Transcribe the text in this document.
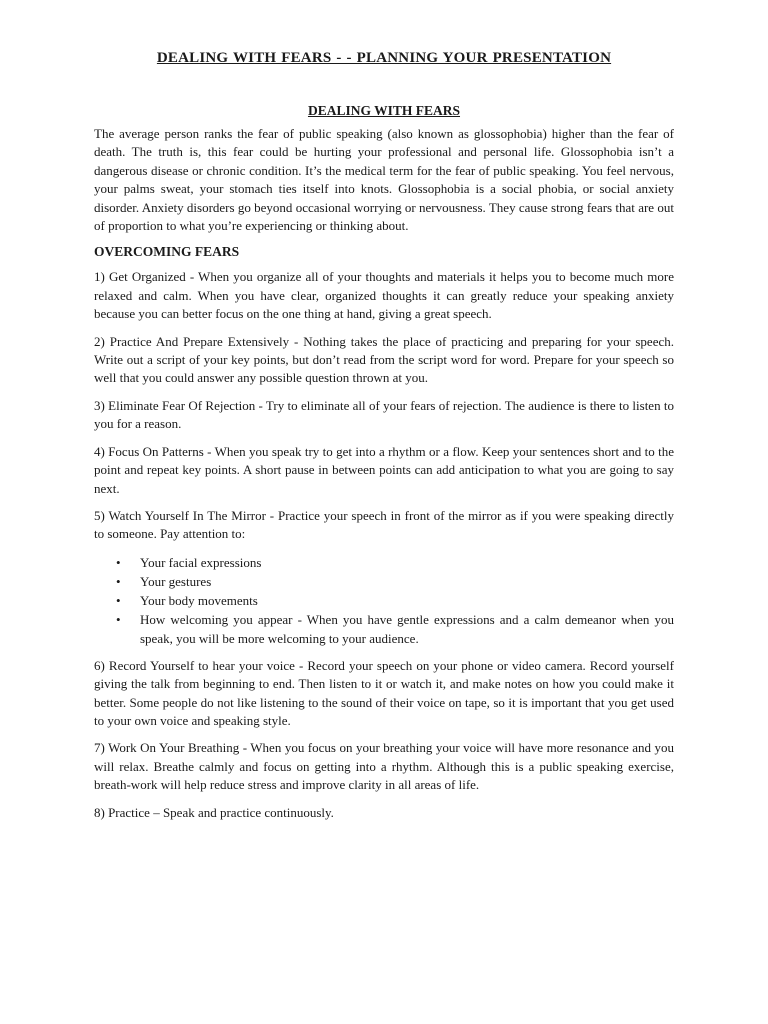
DEALING WITH FEARS - - PLANNING YOUR PRESENTATION
DEALING WITH FEARS

The average person ranks the fear of public speaking (also known as glossophobia) higher than the fear of death. The truth is, this fear could be hurting your professional and personal life. Glossophobia isn’t a dangerous disease or chronic condition. It’s the medical term for the fear of public speaking. You feel nervous, your palms sweat, your stomach ties itself into knots. Glossophobia is a social phobia, or social anxiety disorder. Anxiety disorders go beyond occasional worrying or nervousness. They cause strong fears that are out of proportion to what you’re experiencing or thinking about.

OVERCOMING FEARS

1) Get Organized - When you organize all of your thoughts and materials it helps you to become much more relaxed and calm. When you have clear, organized thoughts it can greatly reduce your speaking anxiety because you can better focus on the one thing at hand, giving a great speech.

2) Practice And Prepare Extensively - Nothing takes the place of practicing and preparing for your speech. Write out a script of your key points, but don’t read from the script word for word. Prepare for your speech so well that you could answer any possible question thrown at you.

3) Eliminate Fear Of Rejection - Try to eliminate all of your fears of rejection. The audience is there to listen to you for a reason.

4) Focus On Patterns - When you speak try to get into a rhythm or a flow. Keep your sentences short and to the point and repeat key points. A short pause in between points can add anticipation to what you are going to say next.

5) Watch Yourself In The Mirror - Practice your speech in front of the mirror as if you were speaking directly to someone. Pay attention to:

• Your facial expressions
• Your gestures
• Your body movements
• How welcoming you appear - When you have gentle expressions and a calm demeanor when you speak, you will be more welcoming to your audience.

6) Record Yourself to hear your voice - Record your speech on your phone or video camera. Record yourself giving the talk from beginning to end. Then listen to it or watch it, and make notes on how you could make it better. Some people do not like listening to the sound of their voice on tape, so it is important that you get used to your own voice and speaking style.

7) Work On Your Breathing - When you focus on your breathing your voice will have more resonance and you will relax. Breathe calmly and focus on getting into a rhythm. Although this is a public speaking exercise, breath-work will help reduce stress and improve clarity in all areas of life.

8) Practice – Speak and practice continuously.
